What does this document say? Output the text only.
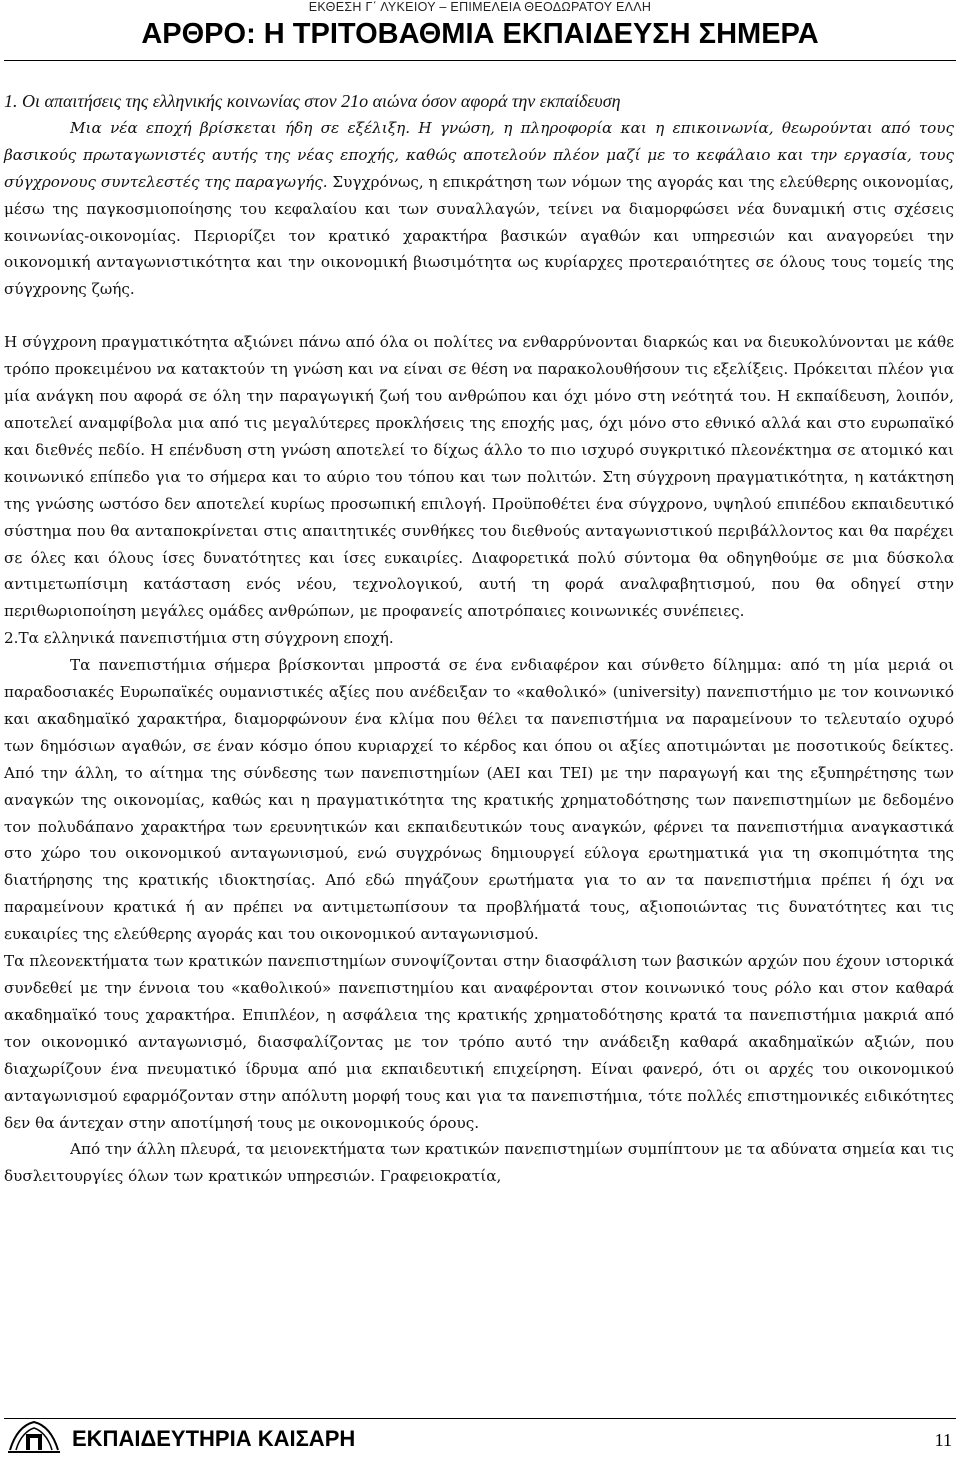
ΕΚΘΕΣΗ Γ΄ ΛΥΚΕΙΟΥ – ΕΠΙΜΕΛΕΙΑ ΘΕΟΔΩΡΑΤΟΥ ΕΛΛΗ
ΑΡΘΡΟ: Η ΤΡΙΤΟΒΑΘΜΙΑ ΕΚΠΑΙΔΕΥΣΗ ΣΗΜΕΡΑ

1. Οι απαιτήσεις της ελληνικής κοινωνίας στον 21ο αιώνα όσον αφορά την εκπαίδευση

Μια νέα εποχή βρίσκεται ήδη σε εξέλιξη. Η γνώση, η πληροφορία και η επικοινωνία, θεωρούνται από τους βασικούς πρωταγωνιστές αυτής της νέας εποχής, καθώς αποτελούν πλέον μαζί με το κεφάλαιο και την εργασία, τους σύγχρονους συντελεστές της παραγωγής. Συγχρόνως, η επικράτηση των νόμων της αγοράς και της ελεύθερης οικονομίας, μέσω της παγκοσμιοποίησης του κεφαλαίου και των συναλλαγών, τείνει να διαμορφώσει νέα δυναμική στις σχέσεις κοινωνίας-οικονομίας. Περιορίζει τον κρατικό χαρακτήρα βασικών αγαθών και υπηρεσιών και αναγορεύει την οικονομική ανταγωνιστικότητα και την οικονομική βιωσιμότητα ως κυρίαρχες προτεραιότητες σε όλους τους τομείς της σύγχρονης ζωής.

Η σύγχρονη πραγματικότητα αξιώνει πάνω από όλα οι πολίτες να ενθαρρύνονται διαρκώς και να διευκολύνονται με κάθε τρόπο προκειμένου να κατακτούν τη γνώση και να είναι σε θέση να παρακολουθήσουν τις εξελίξεις. Πρόκειται πλέον για μία ανάγκη που αφορά σε όλη την παραγωγική ζωή του ανθρώπου και όχι μόνο στη νεότητά του. Η εκπαίδευση, λοιπόν, αποτελεί αναμφίβολα μια από τις μεγαλύτερες προκλήσεις της εποχής μας, όχι μόνο στο εθνικό αλλά και στο ευρωπαϊκό και διεθνές πεδίο. Η επένδυση στη γνώση αποτελεί το δίχως άλλο το πιο ισχυρό συγκριτικό πλεονέκτημα σε ατομικό και κοινωνικό επίπεδο για το σήμερα και το αύριο του τόπου και των πολιτών. Στη σύγχρονη πραγματικότητα, η κατάκτηση της γνώσης ωστόσο δεν αποτελεί κυρίως προσωπική επιλογή. Προϋποθέτει ένα σύγχρονο, υψηλού επιπέδου εκπαιδευτικό σύστημα που θα ανταποκρίνεται στις απαιτητικές συνθήκες του διεθνούς ανταγωνιστικού περιβάλλοντος και θα παρέχει σε όλες και όλους ίσες δυνατότητες και ίσες ευκαιρίες. Διαφορετικά πολύ σύντομα θα οδηγηθούμε σε μια δύσκολα αντιμετωπίσιμη κατάσταση ενός νέου, τεχνολογικού, αυτή τη φορά αναλφαβητισμού, που θα οδηγεί στην περιθωριοποίηση μεγάλες ομάδες ανθρώπων, με προφανείς αποτρόπαιες κοινωνικές συνέπειες.

2.Τα ελληνικά πανεπιστήμια στη σύγχρονη εποχή.

Τα πανεπιστήμια σήμερα βρίσκονται μπροστά σε ένα ενδιαφέρον και σύνθετο δίλημμα: από τη μία μεριά οι παραδοσιακές Ευρωπαϊκές ουμανιστικές αξίες που ανέδειξαν το «καθολικό» (university) πανεπιστήμιο με τον κοινωνικό και ακαδημαϊκό χαρακτήρα, διαμορφώνουν ένα κλίμα που θέλει τα πανεπιστήμια να παραμείνουν το τελευταίο οχυρό των δημόσιων αγαθών, σε έναν κόσμο όπου κυριαρχεί το κέρδος και όπου οι αξίες αποτιμώνται με ποσοτικούς δείκτες. Από την άλλη, το αίτημα της σύνδεσης των πανεπιστημίων (ΑΕΙ και ΤΕΙ) με την παραγωγή και της εξυπηρέτησης των αναγκών της οικονομίας, καθώς και η πραγματικότητα της κρατικής χρηματοδότησης των πανεπιστημίων με δεδομένο τον πολυδάπανο χαρακτήρα των ερευνητικών και εκπαιδευτικών τους αναγκών, φέρνει τα πανεπιστήμια αναγκαστικά στο χώρο του οικονομικού ανταγωνισμού, ενώ συγχρόνως δημιουργεί εύλογα ερωτηματικά για τη σκοπιμότητα της διατήρησης της κρατικής ιδιοκτησίας. Από εδώ πηγάζουν ερωτήματα για το αν τα πανεπιστήμια πρέπει ή όχι να παραμείνουν κρατικά ή αν πρέπει να αντιμετωπίσουν τα προβλήματά τους, αξιοποιώντας τις δυνατότητες και τις ευκαιρίες της ελεύθερης αγοράς και του οικονομικού ανταγωνισμού.

Τα πλεονεκτήματα των κρατικών πανεπιστημίων συνοψίζονται στην διασφάλιση των βασικών αρχών που έχουν ιστορικά συνδεθεί με την έννοια του «καθολικού» πανεπιστημίου και αναφέρονται στον κοινωνικό τους ρόλο και στον καθαρά ακαδημαϊκό τους χαρακτήρα. Επιπλέον, η ασφάλεια της κρατικής χρηματοδότησης κρατά τα πανεπιστήμια μακριά από τον οικονομικό ανταγωνισμό, διασφαλίζοντας με τον τρόπο αυτό την ανάδειξη καθαρά ακαδημαϊκών αξιών, που διαχωρίζουν ένα πνευματικό ίδρυμα από μια εκπαιδευτική επιχείρηση. Είναι φανερό, ότι οι αρχές του οικονομικού ανταγωνισμού εφαρμόζονταν στην απόλυτη μορφή τους και για τα πανεπιστήμια, τότε πολλές επιστημονικές ειδικότητες δεν θα άντεχαν στην αποτίμησή τους με οικονομικούς όρους.

Από την άλλη πλευρά, τα μειονεκτήματα των κρατικών πανεπιστημίων συμπίπτουν με τα αδύνατα σημεία και τις δυσλειτουργίες όλων των κρατικών υπηρεσιών. Γραφειοκρατία,

ΕΚΠΑΙΔΕΥΤΗΡΙΑ ΚΑΙΣΑΡΗ	11
